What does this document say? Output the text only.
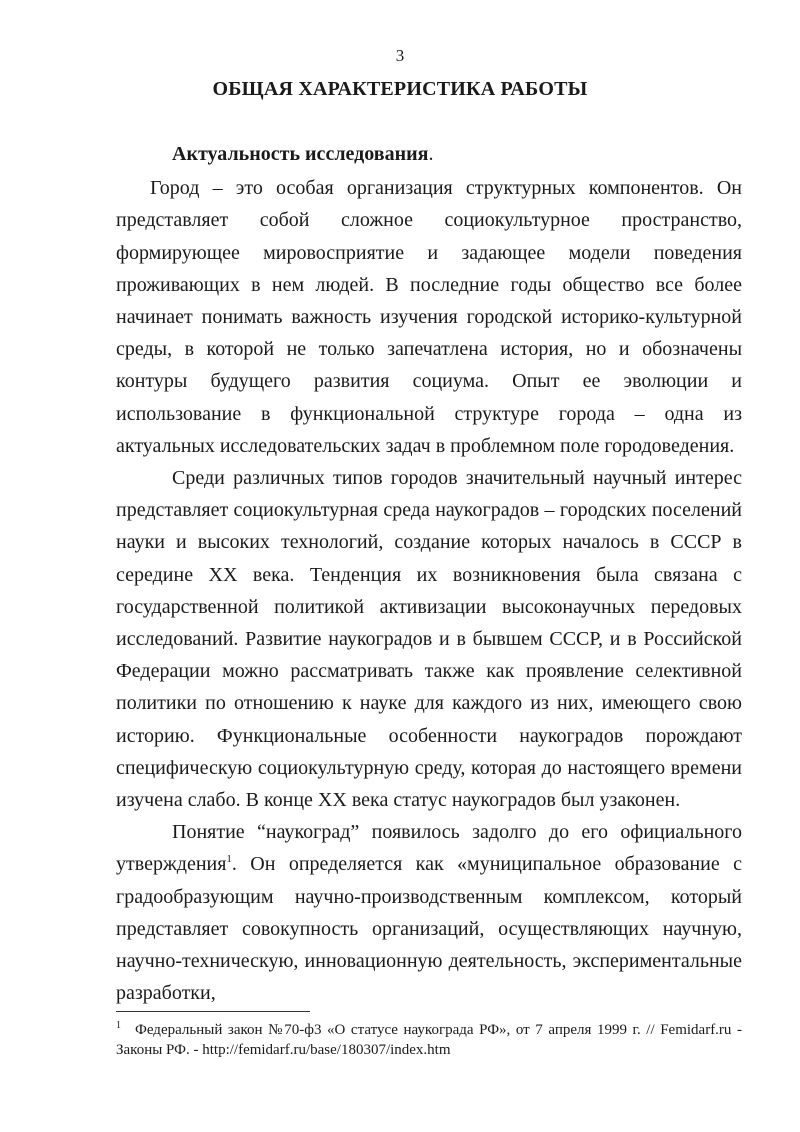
3
ОБЩАЯ ХАРАКТЕРИСТИКА РАБОТЫ
Актуальность исследования.

Город – это особая организация структурных компонентов. Он представляет собой сложное социокультурное пространство, формирующее мировосприятие и задающее модели поведения проживающих в нем людей. В последние годы общество все более начинает понимать важность изучения городской историко-культурной среды, в которой не только запечатлена история, но и обозначены контуры будущего развития социума. Опыт ее эволюции и использование в функциональной структуре города – одна из актуальных исследовательских задач в проблемном поле городоведения.

Среди различных типов городов значительный научный интерес представляет социокультурная среда наукоградов – городских поселений науки и высоких технологий, создание которых началось в СССР в середине XX века. Тенденция их возникновения была связана с государственной политикой активизации высоконаучных передовых исследований. Развитие наукоградов и в бывшем СССР, и в Российской Федерации можно рассматривать также как проявление селективной политики по отношению к науке для каждого из них, имеющего свою историю. Функциональные особенности наукоградов порождают специфическую социокультурную среду, которая до настоящего времени изучена слабо. В конце XX века статус наукоградов был узаконен.

Понятие “наукоград” появилось задолго до его официального утверждения$^1$. Он определяется как «муниципальное образование с градообразующим научно-производственным комплексом, который представляет совокупность организаций, осуществляющих научную, научно-техническую, инновационную деятельность, экспериментальные разработки,

$^1$ Федеральный закон №70-ф3 «О статусе наукограда РФ», от 7 апреля 1999 г. // Femidarf.ru - Законы РФ. - http://femidarf.ru/base/180307/index.htm
